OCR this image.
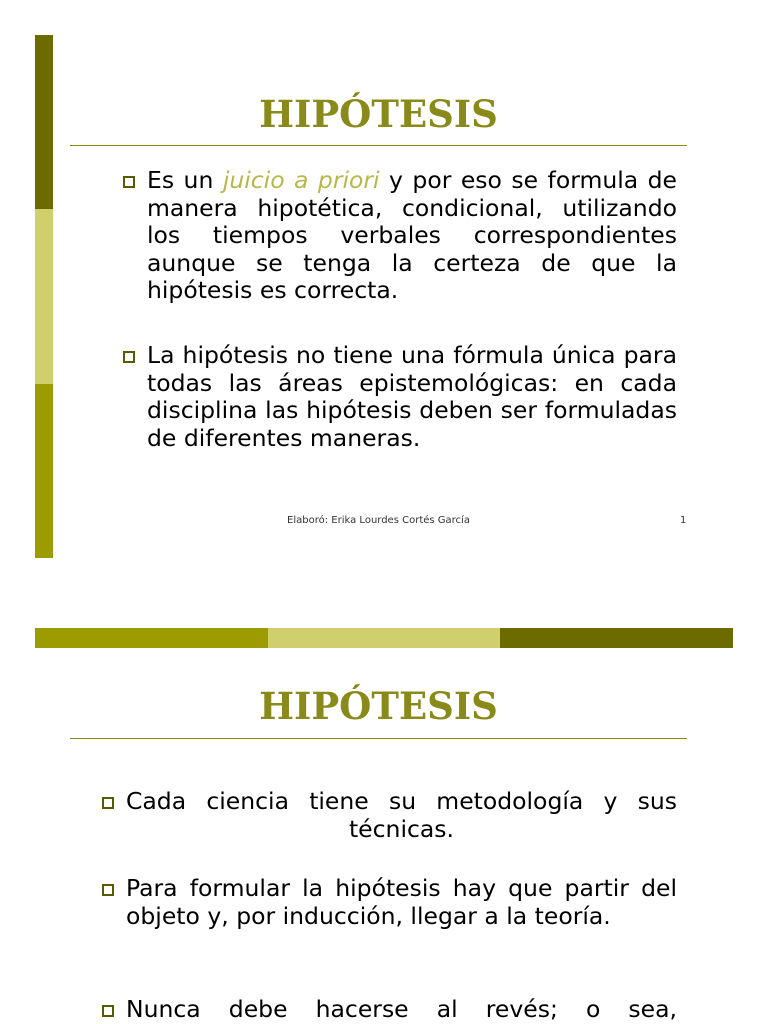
HIPÓTESIS
Es un juicio a priori y por eso se formula de manera hipotética, condicional, utilizando los tiempos verbales correspondientes aunque se tenga la certeza de que la hipótesis es correcta.
La hipótesis no tiene una fórmula única para todas las áreas epistemológicas: en cada disciplina las hipótesis deben ser formuladas de diferentes maneras.
Elaboró: Erika Lourdes Cortés García	1
HIPÓTESIS
Cada ciencia tiene su metodología y sus
técnicas.
Para formular la hipótesis hay que partir del objeto y, por inducción, llegar a la teoría.
Nunca debe hacerse al revés; o sea,
